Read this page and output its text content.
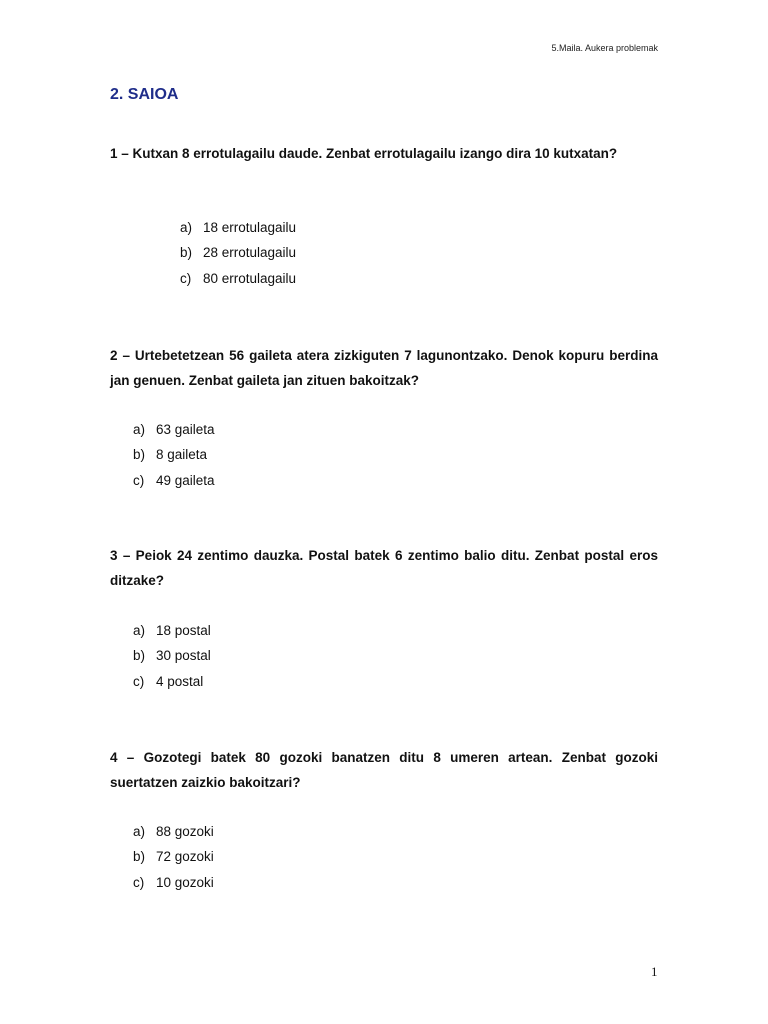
5.Maila. Aukera problemak
2. SAIOA

1 – Kutxan 8 errotulagailu daude. Zenbat errotulagailu izango dira 10 kutxatan?

a) 18 errotulagailu
b) 28 errotulagailu
c) 80 errotulagailu

2 – Urtebetetzean 56 gaileta atera zizkiguten 7 lagunontzako. Denok kopuru berdina jan genuen. Zenbat gaileta jan zituen bakoitzak?

a) 63 gaileta
b) 8 gaileta
c) 49 gaileta

3 – Peiok 24 zentimo dauzka. Postal batek 6 zentimo balio ditu. Zenbat postal eros ditzake?

a) 18 postal
b) 30 postal
c) 4 postal

4 – Gozotegi batek 80 gozoki banatzen ditu 8 umeren artean. Zenbat gozoki suertatzen zaizkio bakoitzari?

a) 88 gozoki
b) 72 gozoki
c) 10 gozoki
1
